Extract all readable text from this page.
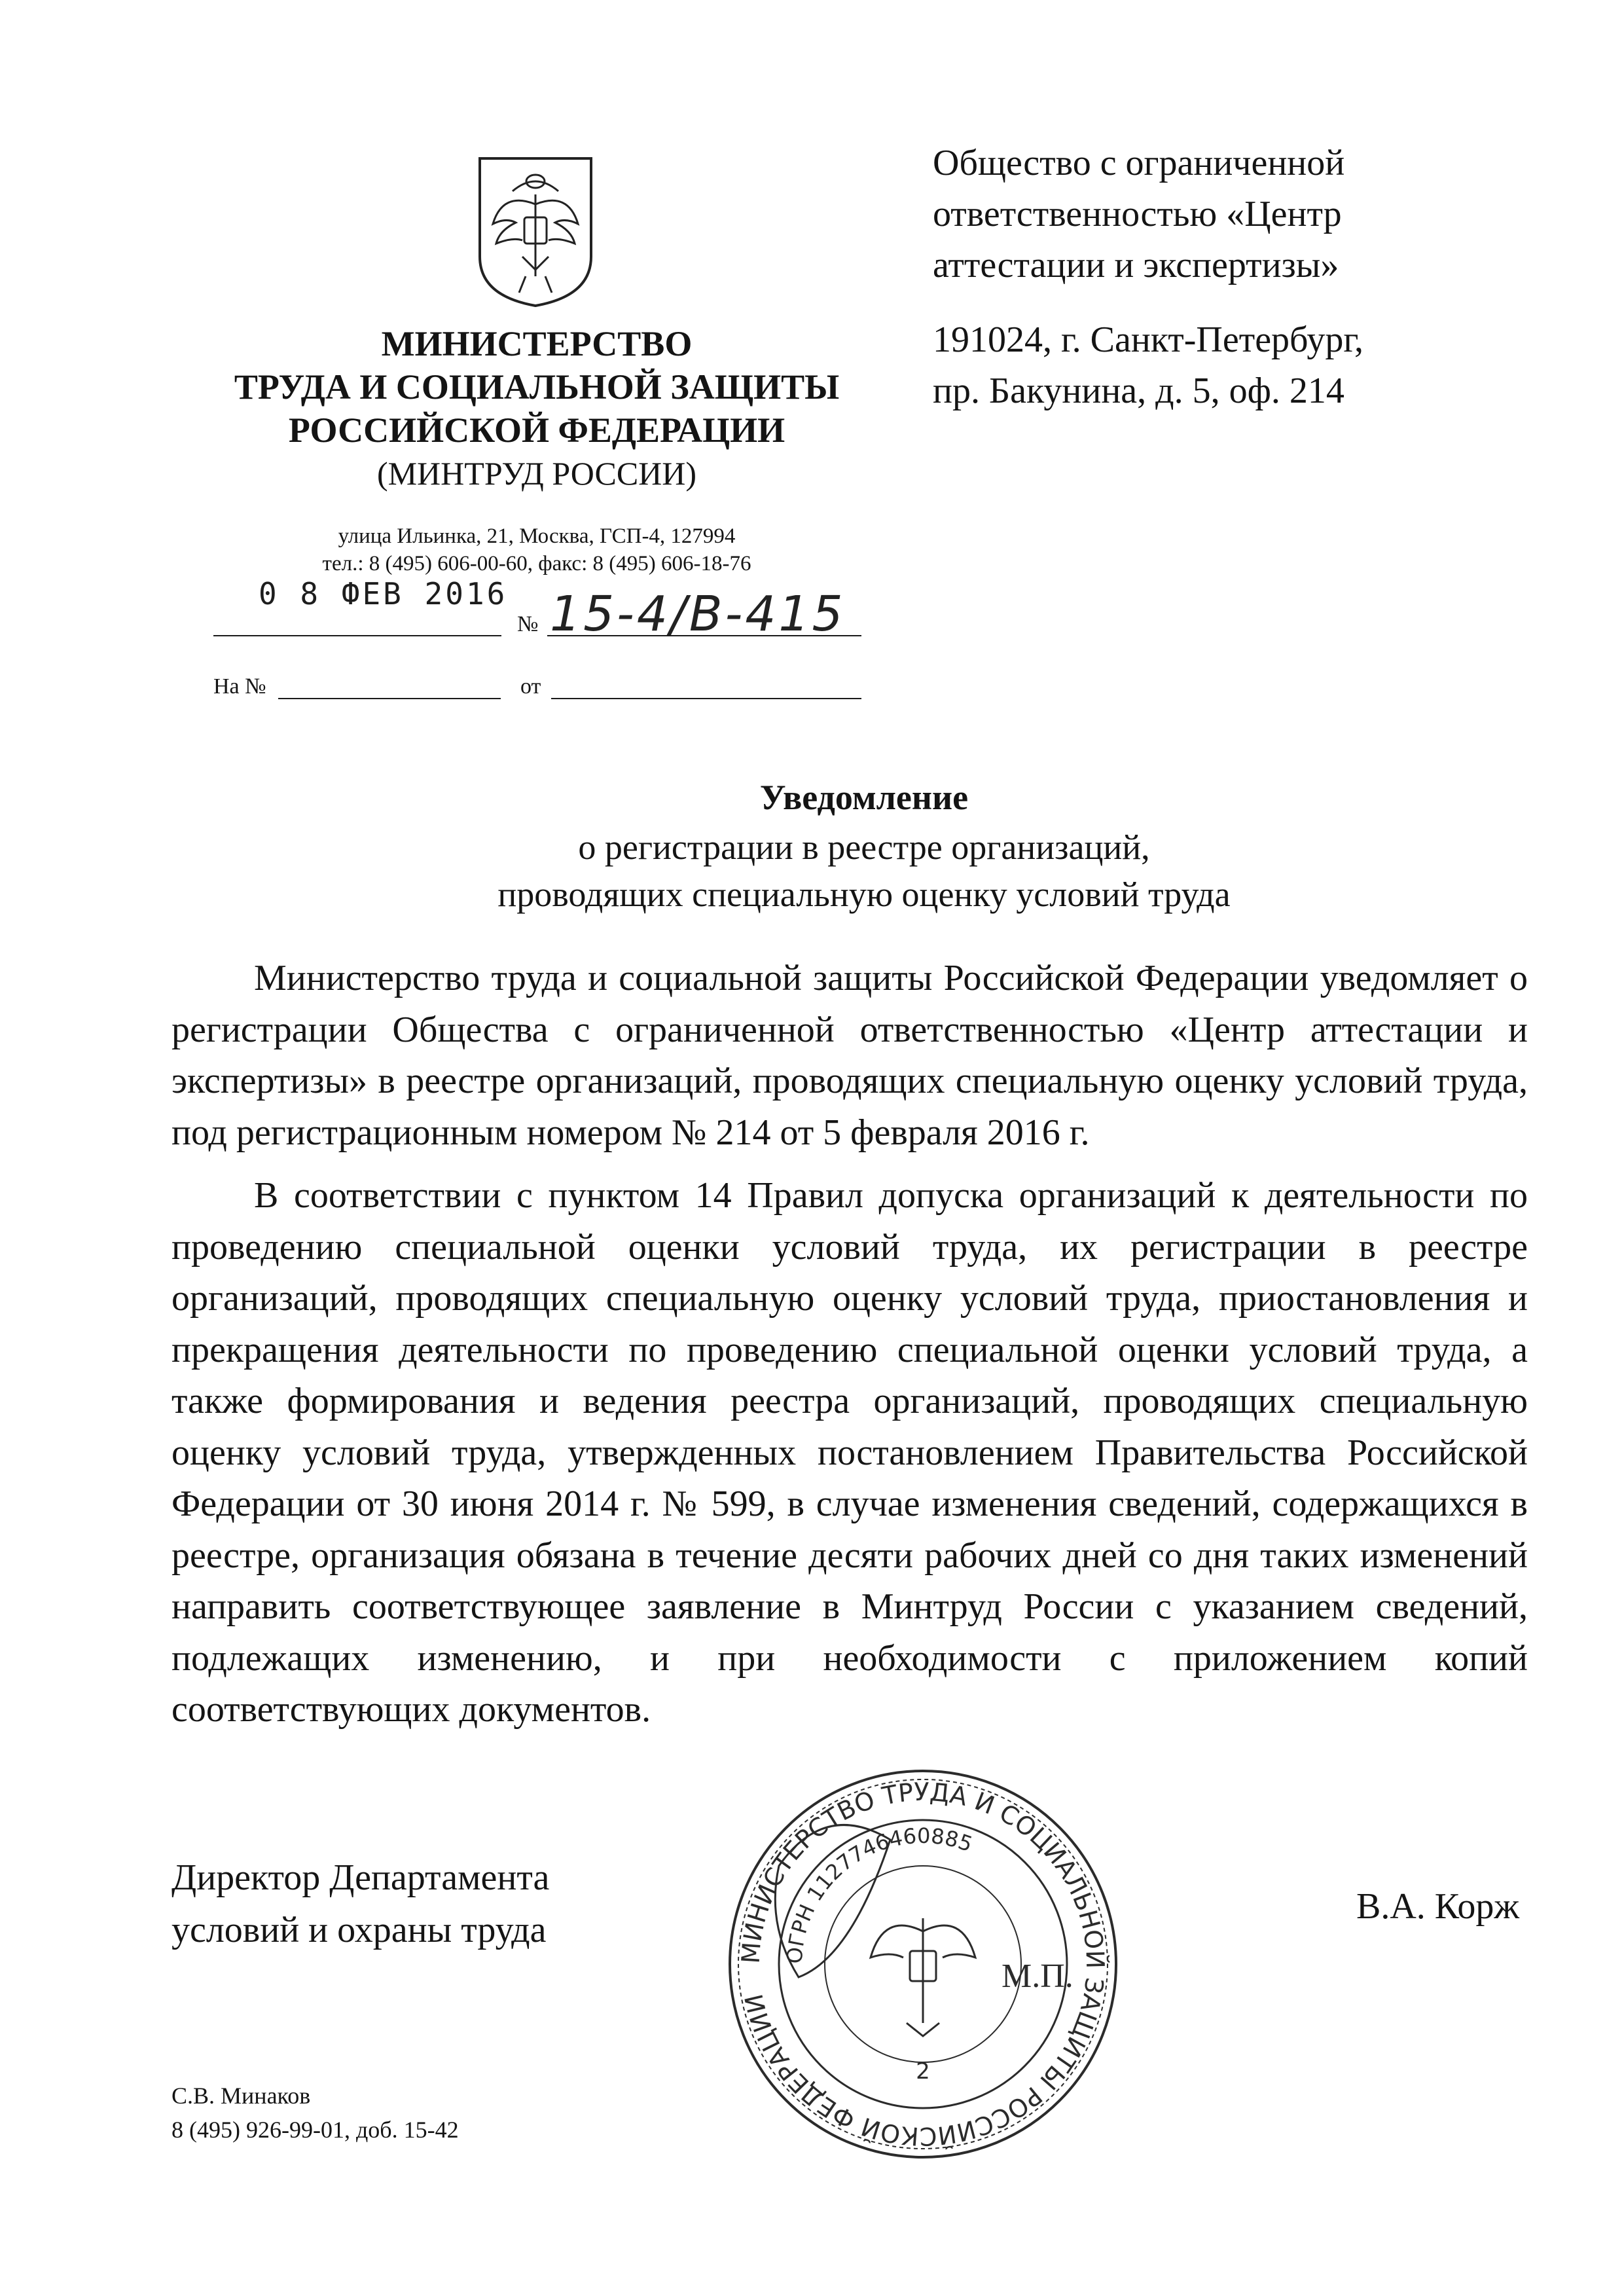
МИНИСТЕРСТВО
ТРУДА И СОЦИАЛЬНОЙ ЗАЩИТЫ
РОССИЙСКОЙ ФЕДЕРАЦИИ
(МИНТРУД РОССИИ)
улица Ильинка, 21, Москва, ГСП-4, 127994
тел.: 8 (495) 606-00-60, факс: 8 (495) 606-18-76
0 8 ФЕВ 2016
№ 15-4/В-415
На №	от
Общество с ограниченной
ответственностью «Центр
аттестации и экспертизы»
191024, г. Санкт-Петербург,
пр. Бакунина, д. 5, оф. 214
Уведомление
о регистрации в реестре организаций,
проводящих специальную оценку условий труда

Министерство труда и социальной защиты Российской Федерации уведомляет о регистрации Общества с ограниченной ответственностью «Центр аттестации и экспертизы» в реестре организаций, проводящих специальную оценку условий труда, под регистрационным номером № 214 от 5 февраля 2016 г.

В соответствии с пунктом 14 Правил допуска организаций к деятельности по проведению специальной оценки условий труда, их регистрации в реестре организаций, проводящих специальную оценку условий труда, приостановления и прекращения деятельности по проведению специальной оценки условий труда, а также формирования и ведения реестра организаций, проводящих специальную оценку условий труда, утвержденных постановлением Правительства Российской Федерации от 30 июня 2014 г. № 599, в случае изменения сведений, содержащихся в реестре, организация обязана в течение десяти рабочих дней со дня таких изменений направить соответствующее заявление в Минтруд России с указанием сведений, подлежащих изменению, и при необходимости с приложением копий соответствующих документов.

МИНИСТЕРСТВО ТРУДА И СОЦИАЛЬНОЙ ЗАЩИТЫ РОССИЙСКОЙ ФЕДЕРАЦИИ
ОГРН 1127746460885
2
М.П.
Директор Департамента
условий и охраны труда
В.А. Корж
С.В. Минаков
8 (495) 926-99-01, доб. 15-42
